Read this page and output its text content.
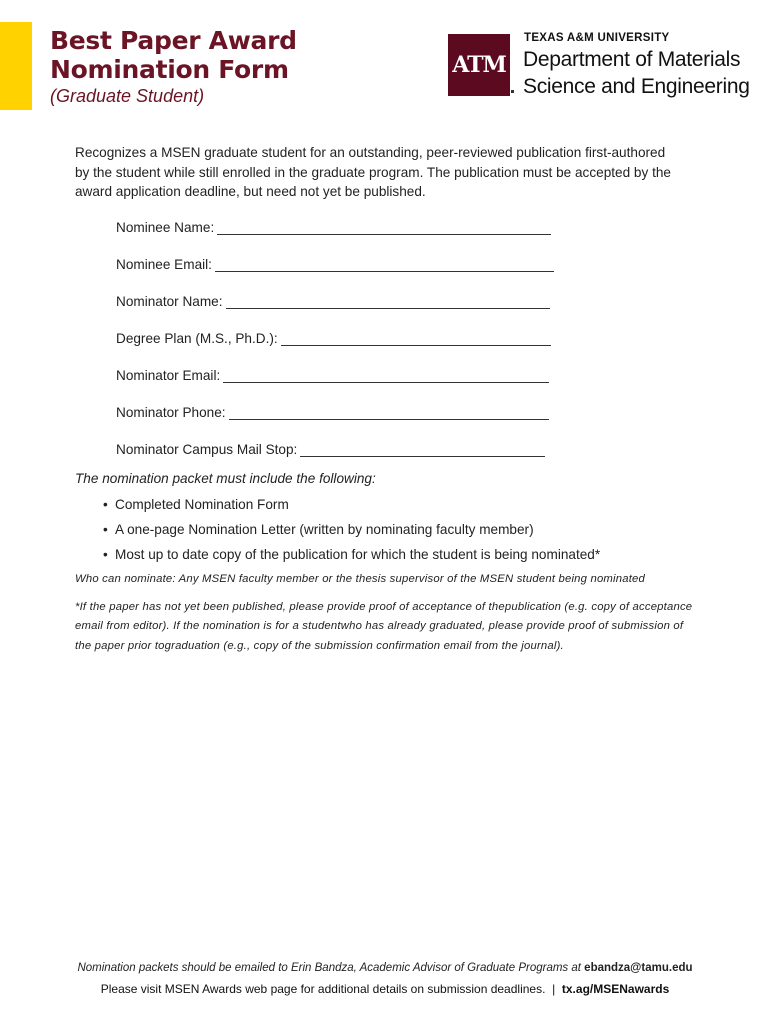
Best Paper Award
Nomination Form
(Graduate Student)
ATM
TEXAS A&M UNIVERSITY
Department of Materials
Science and Engineering

Recognizes a MSEN graduate student for an outstanding, peer-reviewed publication first-authored by the student while still enrolled in the graduate program. The publication must be accepted by the award application deadline, but need not yet be published.

Nominee Name:
Nominee Email:
Nominator Name:
Degree Plan (M.S., Ph.D.):
Nominator Email:
Nominator Phone:
Nominator Campus Mail Stop:
The nomination packet must include the following:
• Completed Nomination Form
• A one-page Nomination Letter (written by nominating faculty member)
• Most up to date copy of the publication for which the student is being nominated*
Who can nominate: Any MSEN faculty member or the thesis supervisor of the MSEN student being nominated

*If the paper has not yet been published, please provide proof of acceptance of thepublication (e.g. copy of acceptance email from editor). If the nomination is for a studentwho has already graduated, please provide proof of submission of the paper prior tograduation (e.g., copy of the submission confirmation email from the journal).

Nomination packets should be emailed to Erin Bandza, Academic Advisor of Graduate Programs at ebandza@tamu.edu
Please visit MSEN Awards web page for additional details on submission deadlines. | tx.ag/MSENawards
